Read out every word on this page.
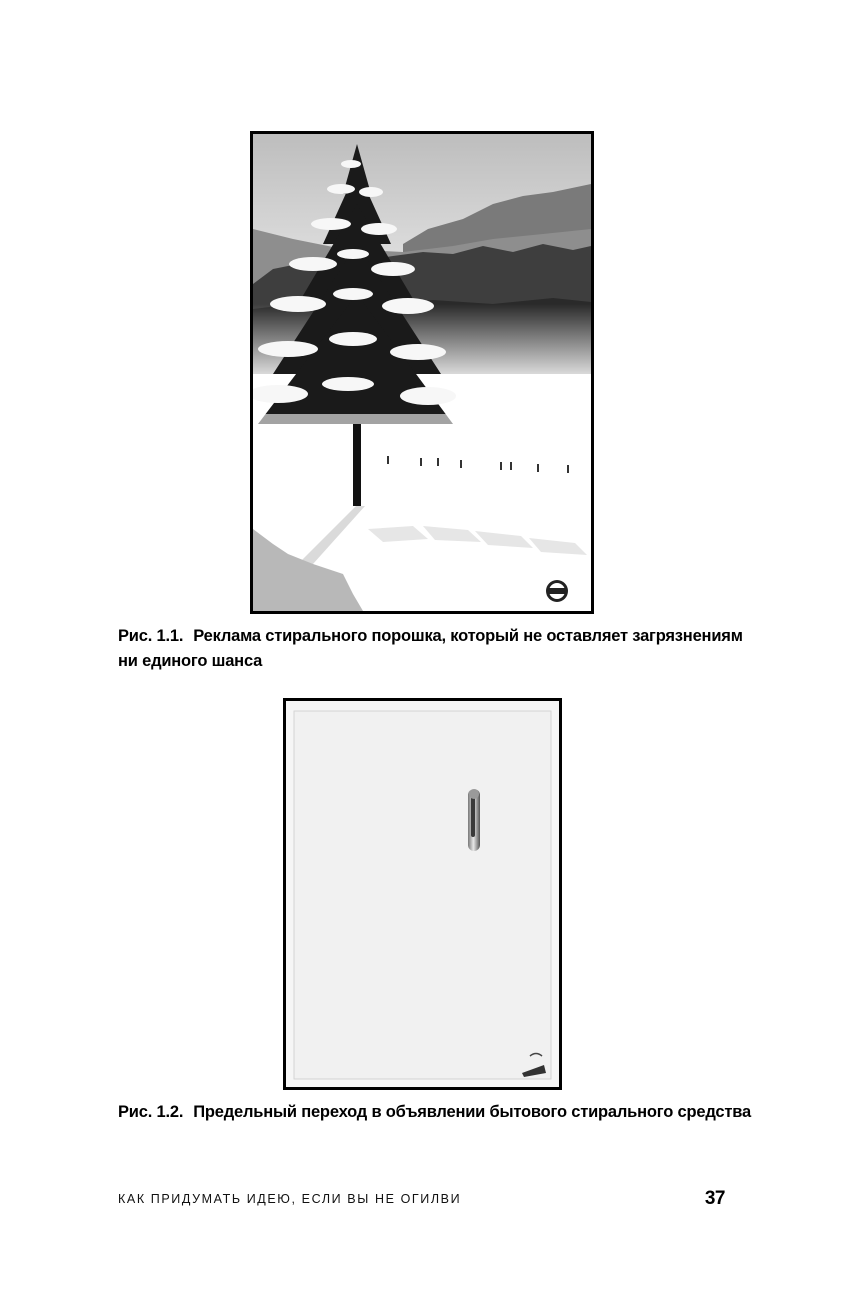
Рис. 1.1. Реклама стирального порошка, который не оставляет загрязнениям ни единого шанса
Рис. 1.2. Предельный переход в объявлении бытового стирального средства
КАК ПРИДУМАТЬ ИДЕЮ, ЕСЛИ ВЫ НЕ ОГИЛВИ	37
